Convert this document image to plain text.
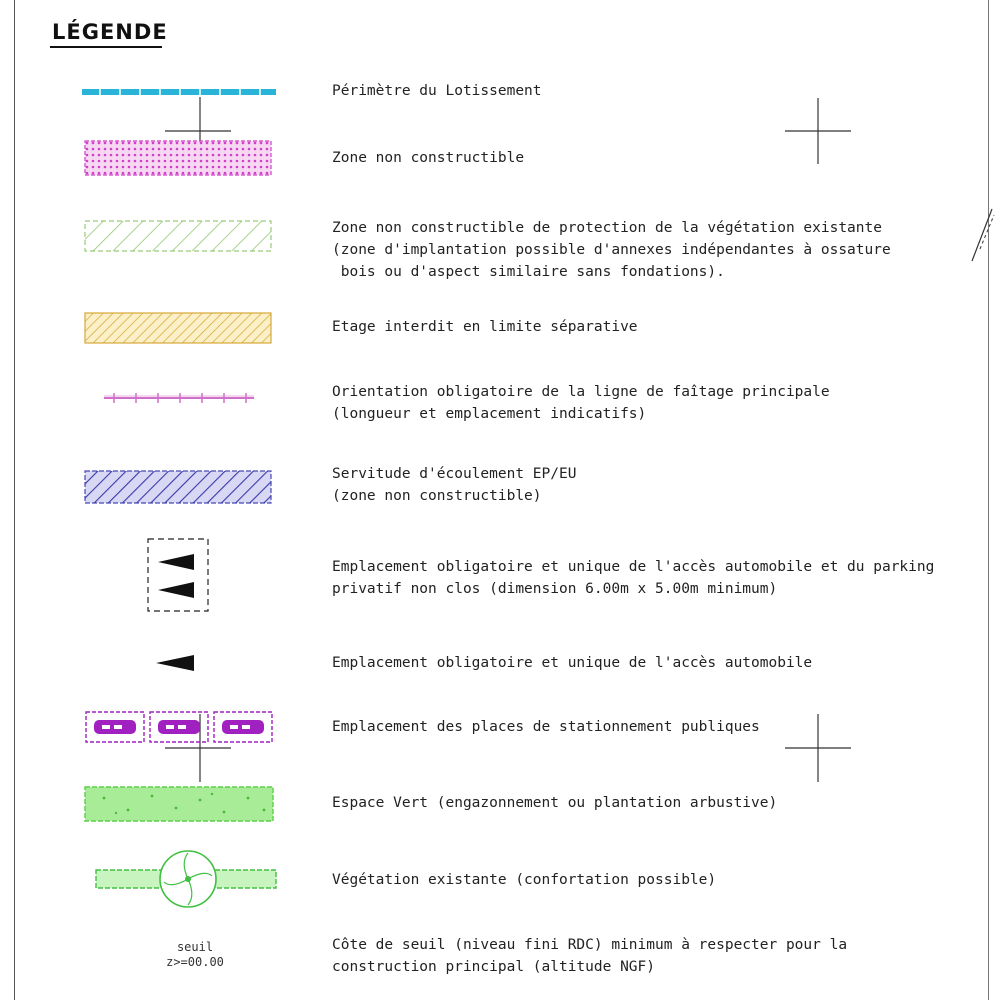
LÉGENDE
Périmètre du Lotissement
Zone non constructible
Zone non constructible de protection de la végétation existante
(zone d'implantation possible d'annexes indépendantes à ossature
bois ou d'aspect similaire sans fondations).
Etage interdit en limite séparative
Orientation obligatoire de la ligne de faîtage principale
(longueur et emplacement indicatifs)
Servitude d'écoulement EP/EU
(zone non constructible)
Emplacement obligatoire et unique de l'accès automobile et du parking
privatif non clos (dimension 6.00m x 5.00m minimum)
Emplacement obligatoire et unique de l'accès automobile
Emplacement des places de stationnement publiques
Espace Vert (engazonnement ou plantation arbustive)
Végétation existante (confortation possible)
seuil
z>=00.00
Côte de seuil (niveau fini RDC) minimum à respecter pour la
construction principal (altitude NGF)
